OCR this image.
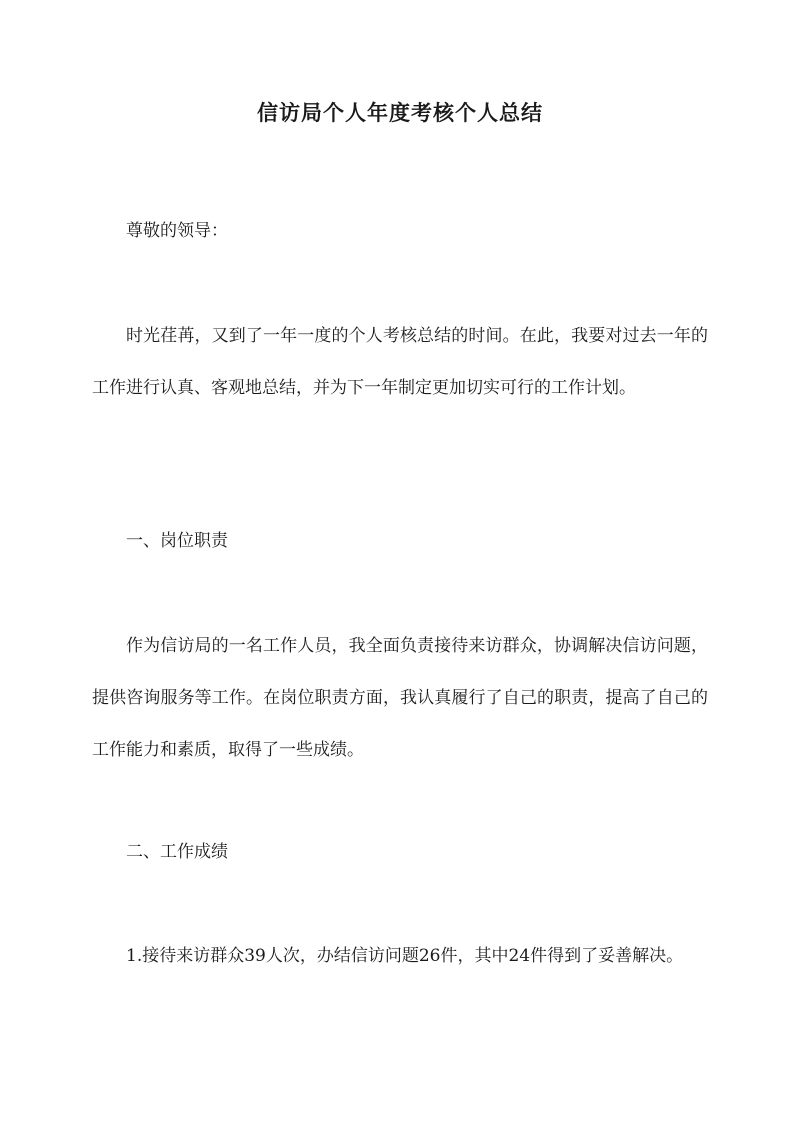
信访局个人年度考核个人总结

尊敬的领导：

时光荏苒，又到了一年一度的个人考核总结的时间。在此，我要对过去一年的工作进行认真、客观地总结，并为下一年制定更加切实可行的工作计划。

一、岗位职责

作为信访局的一名工作人员，我全面负责接待来访群众，协调解决信访问题，提供咨询服务等工作。在岗位职责方面，我认真履行了自己的职责，提高了自己的工作能力和素质，取得了一些成绩。

二、工作成绩

1.接待来访群众39人次，办结信访问题26件，其中24件得到了妥善解决。
